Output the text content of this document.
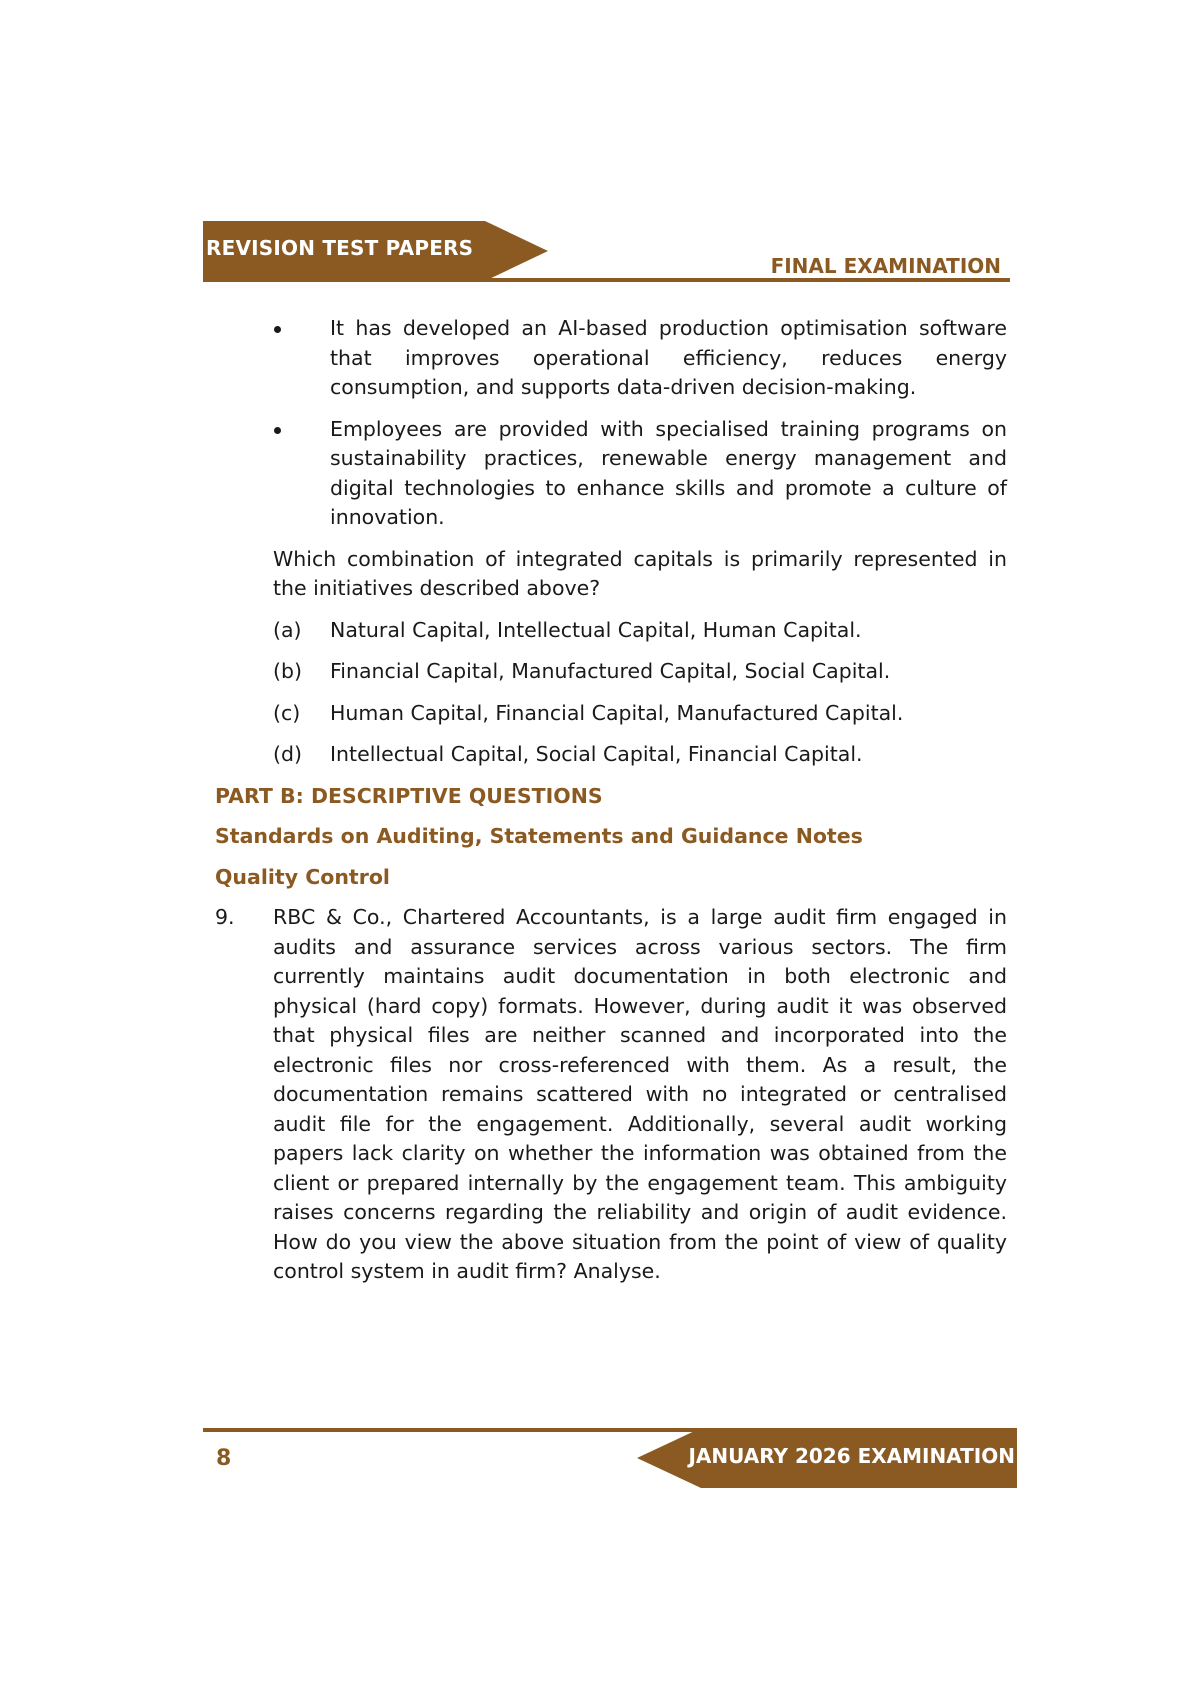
REVISION TEST PAPERS
FINAL EXAMINATION
It has developed an AI-based production optimisation software that improves operational efficiency, reduces energy consumption, and supports data-driven decision-making.
Employees are provided with specialised training programs on sustainability practices, renewable energy management and digital technologies to enhance skills and promote a culture of innovation.
Which combination of integrated capitals is primarily represented in the initiatives described above?
(a) Natural Capital, Intellectual Capital, Human Capital.
(b) Financial Capital, Manufactured Capital, Social Capital.
(c) Human Capital, Financial Capital, Manufactured Capital.
(d) Intellectual Capital, Social Capital, Financial Capital.
PART B: DESCRIPTIVE QUESTIONS
Standards on Auditing, Statements and Guidance Notes
Quality Control
9. RBC & Co., Chartered Accountants, is a large audit firm engaged in audits and assurance services across various sectors. The firm currently maintains audit documentation in both electronic and physical (hard copy) formats. However, during audit it was observed that physical files are neither scanned and incorporated into the electronic files nor cross-referenced with them. As a result, the documentation remains scattered with no integrated or centralised audit file for the engagement. Additionally, several audit working papers lack clarity on whether the information was obtained from the client or prepared internally by the engagement team. This ambiguity raises concerns regarding the reliability and origin of audit evidence. How do you view the above situation from the point of view of quality control system in audit firm? Analyse.
JANUARY 2026 EXAMINATION
8
